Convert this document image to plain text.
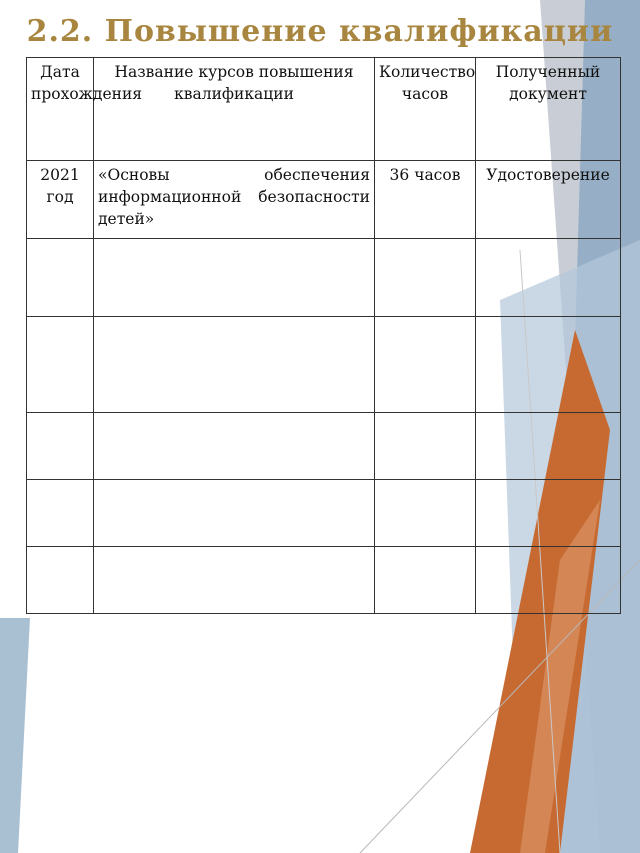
2.2. Повышение квалификации
Дата прохождения	Название курсов повышения квалификации	Количество часов	Полученный документ
2021 год	«Основы обеспечения информационной безопасности детей»	36 часов	Удостоверение
